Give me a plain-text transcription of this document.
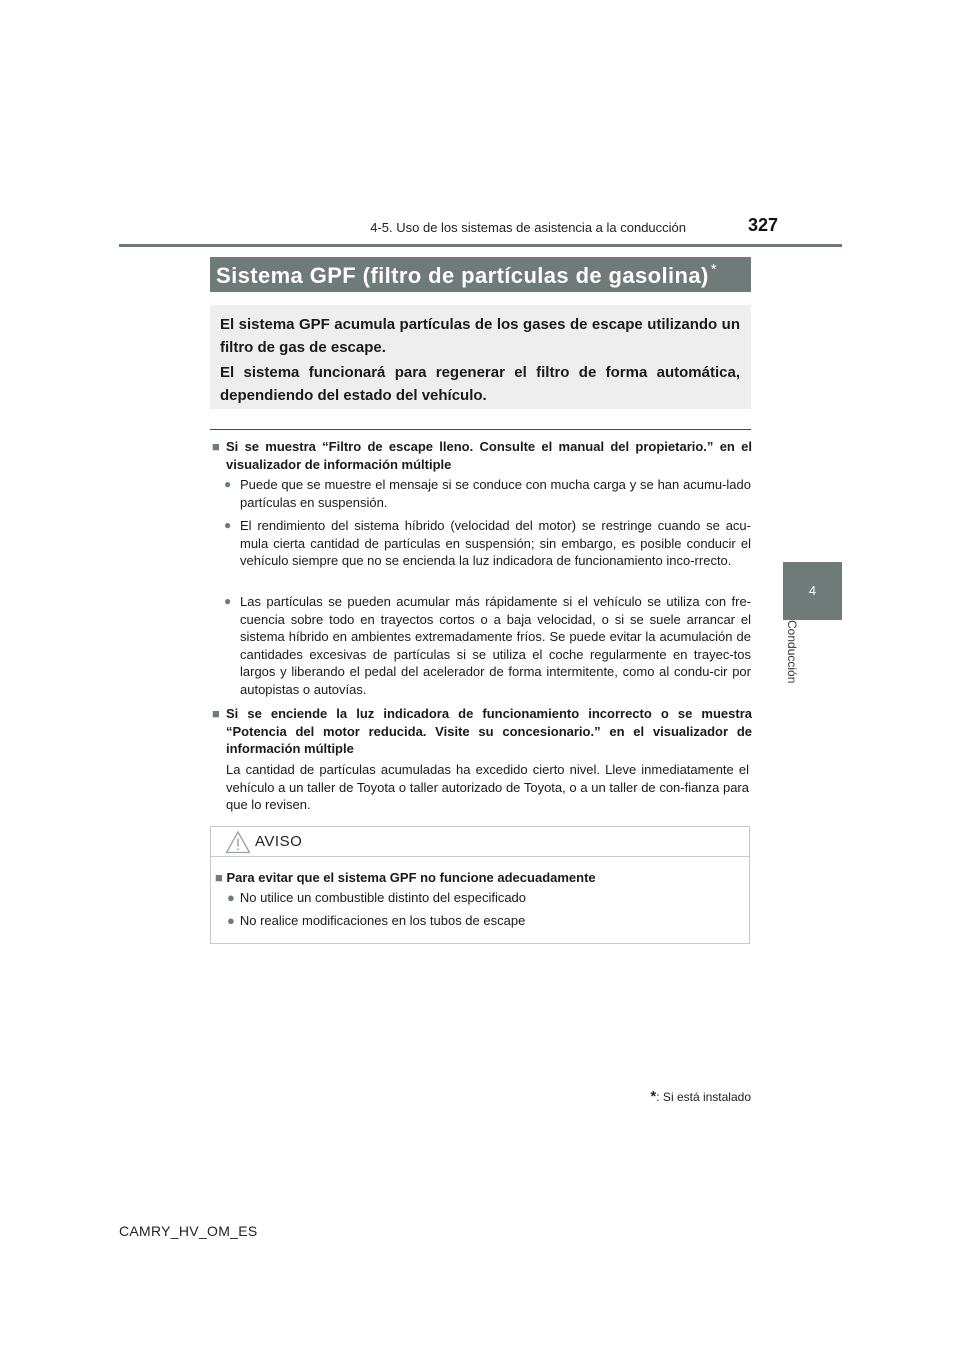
4-5. Uso de los sistemas de asistencia a la conducción	327
4
Conducción
Sistema GPF (filtro de partículas de gasolina) *

El sistema GPF acumula partículas de los gases de escape utilizando un filtro de gas de escape.

El sistema funcionará para regenerar el filtro de forma automática, dependiendo del estado del vehículo.

■ Si se muestra “Filtro de escape lleno. Consulte el manual del propietario.” en el visualizador de información múltiple
● Puede que se muestre el mensaje si se conduce con mucha carga y se han acumu-lado partículas en suspensión.
● El rendimiento del sistema híbrido (velocidad del motor) se restringe cuando se acu-mula cierta cantidad de partículas en suspensión; sin embargo, es posible conducir el vehículo siempre que no se encienda la luz indicadora de funcionamiento inco-rrecto.
● Las partículas se pueden acumular más rápidamente si el vehículo se utiliza con fre-cuencia sobre todo en trayectos cortos o a baja velocidad, o si se suele arrancar el sistema híbrido en ambientes extremadamente fríos. Se puede evitar la acumulación de cantidades excesivas de partículas si se utiliza el coche regularmente en trayec-tos largos y liberando el pedal del acelerador de forma intermitente, como al condu-cir por autopistas o autovías.
■ Si se enciende la luz indicadora de funcionamiento incorrecto o se muestra “Potencia del motor reducida. Visite su concesionario.” en el visualizador de información múltiple
La cantidad de partículas acumuladas ha excedido cierto nivel. Lleve inmediatamente el vehículo a un taller de Toyota o taller autorizado de Toyota, o a un taller de con-fianza para que lo revisen.
AVISO
■ Para evitar que el sistema GPF no funcione adecuadamente
● No utilice un combustible distinto del especificado
● No realice modificaciones en los tubos de escape
*: Si está instalado
CAMRY_HV_OM_ES
